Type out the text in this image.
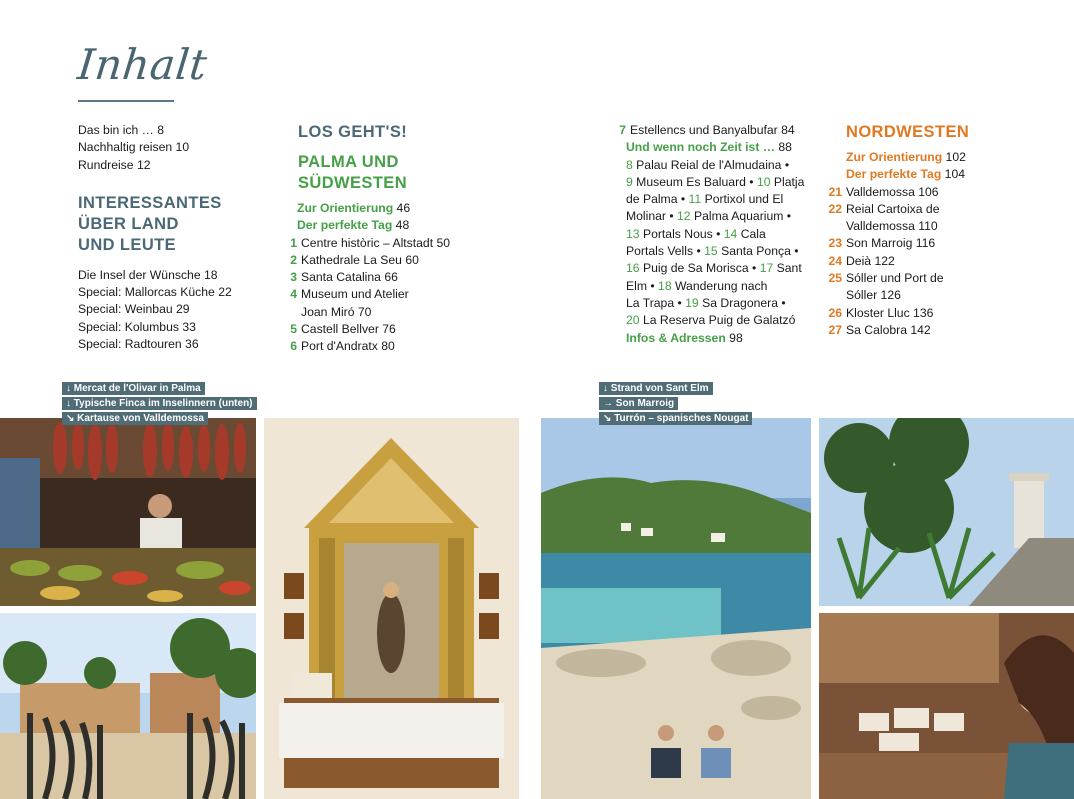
Inhalt
Das bin ich … 8
Nachhaltig reisen 10
Rundreise 12
INTERESSANTES
ÜBER LAND
UND LEUTE
Die Insel der Wünsche 18
Special: Mallorcas Küche 22
Special: Weinbau 29
Special: Kolumbus 33
Special: Radtouren 36
LOS GEHT'S!
PALMA UND
SÜDWESTEN
Zur Orientierung 46
Der perfekte Tag 48
1 Centre històric – Altstadt 50
2 Kathedrale La Seu 60
3 Santa Catalina 66
4 Museum und Atelier
Joan Miró 70
5 Castell Bellver 76
6 Port d'Andratx 80
7 Estellencs und Banyalbufar 84
Und wenn noch Zeit ist … 88
8 Palau Reial de l'Almudaina •
9 Museum Es Baluard • 10 Platja
de Palma • 11 Portixol und El
Molinar • 12 Palma Aquarium •
13 Portals Nous • 14 Cala
Portals Vells • 15 Santa Ponça •
16 Puig de Sa Morisca • 17 Sant
Elm • 18 Wanderung nach
La Trapa • 19 Sa Dragonera •
20 La Reserva Puig de Galatzó
Infos & Adressen 98
NORDWESTEN
Zur Orientierung 102
Der perfekte Tag 104
21 Valldemossa 106
22 Reial Cartoixa de
Valldemossa 110
23 Son Marroig 116
24 Deià 122
25 Sóller und Port de
Sóller 126
26 Kloster Lluc 136
27 Sa Calobra 142
↓ Mercat de l'Olivar in Palma
↓ Typische Finca im Inselinnern (unten)
↘ Kartause von Valldemossa
↓ Strand von Sant Elm
→ Son Marroig
↘ Turrón – spanisches Nougat
